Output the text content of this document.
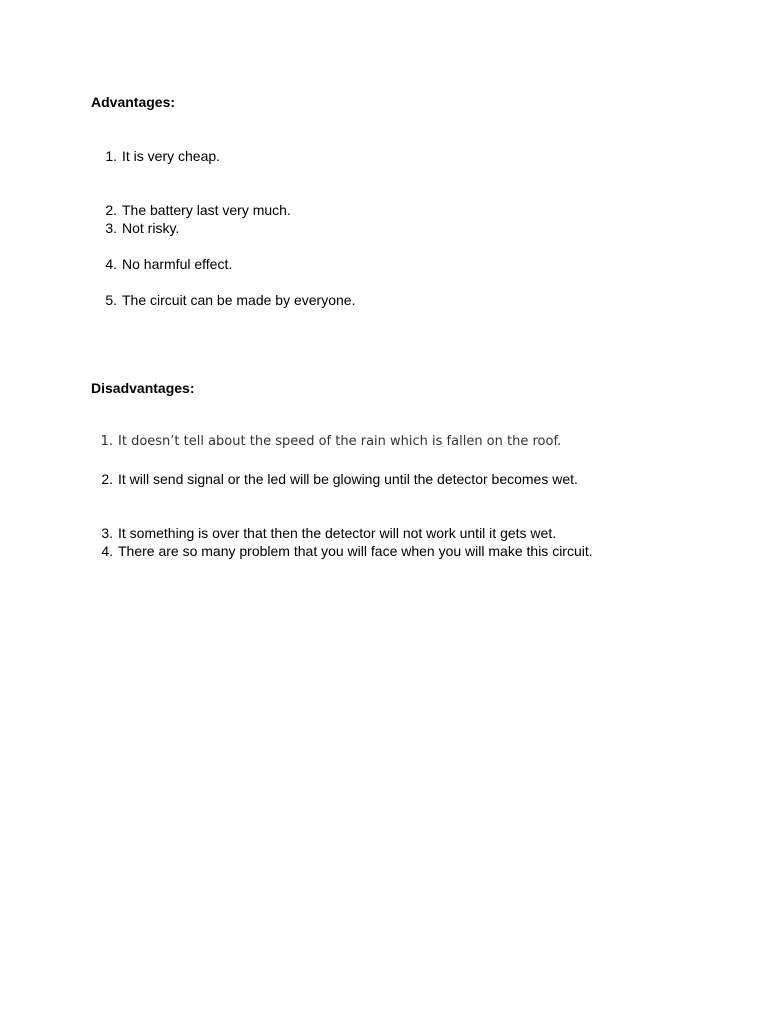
Advantages:
1. It is very cheap.
2. The battery last very much.
3. Not risky.
4. No harmful effect.
5. The circuit can be made by everyone.
Disadvantages:
1. It doesn’t tell about the speed of the rain which is fallen on the roof.
2. It will send signal or the led will be glowing until the detector becomes wet.
3. It something is over that then the detector will not work until it gets wet.
4. There are so many problem that you will face when you will make this circuit.
